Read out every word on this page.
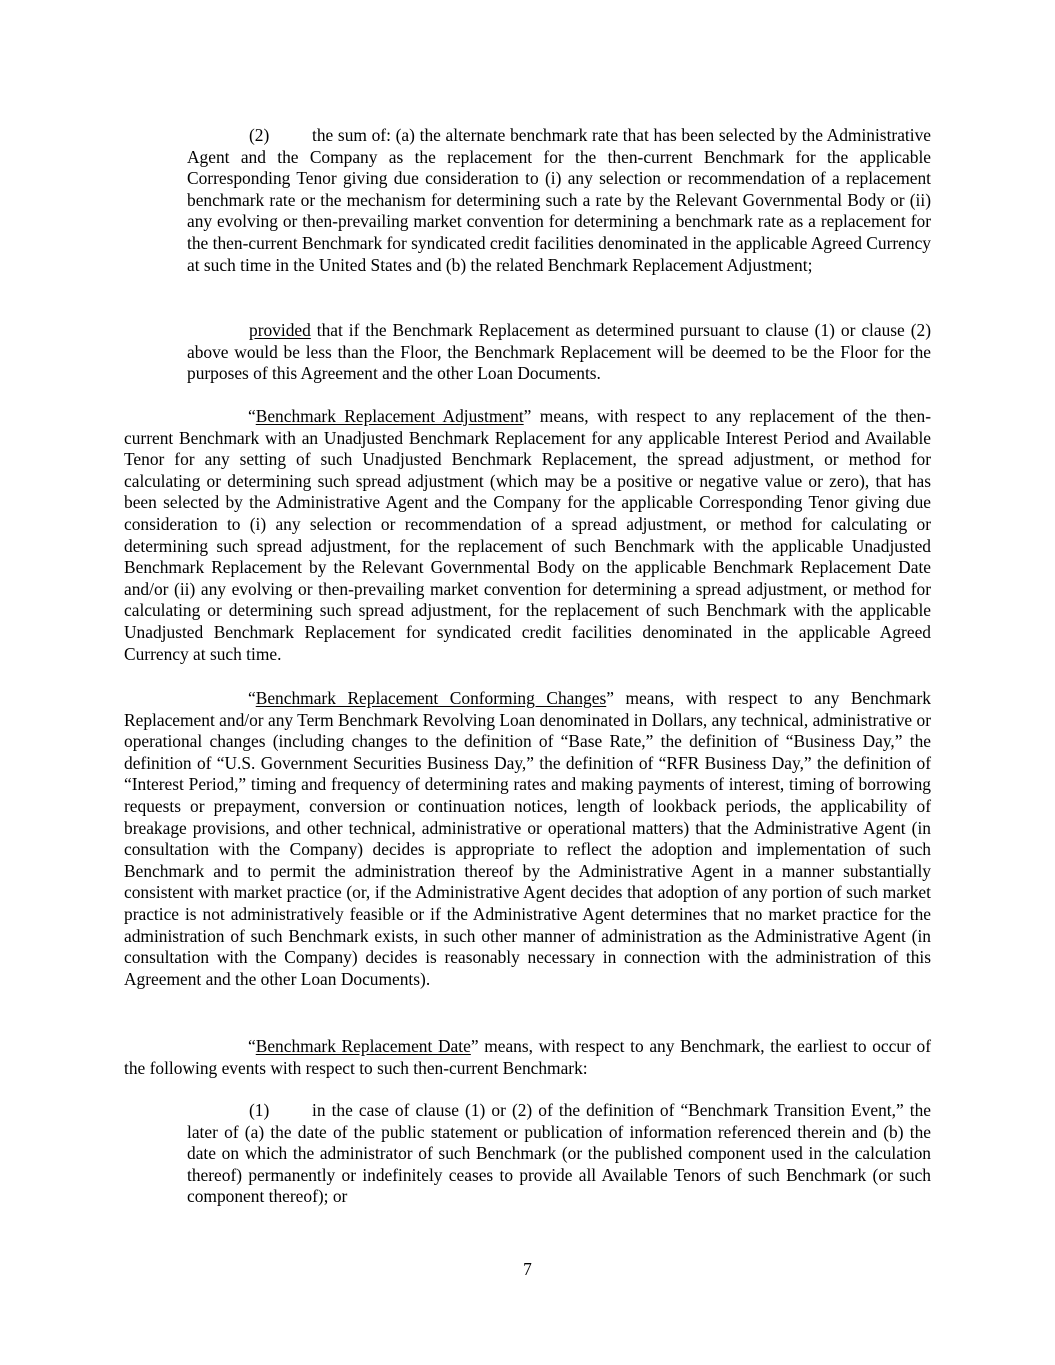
(2) the sum of: (a) the alternate benchmark rate that has been selected by the Administrative Agent and the Company as the replacement for the then-current Benchmark for the applicable Corresponding Tenor giving due consideration to (i) any selection or recommendation of a replacement benchmark rate or the mechanism for determining such a rate by the Relevant Governmental Body or (ii) any evolving or then-prevailing market convention for determining a benchmark rate as a replacement for the then-current Benchmark for syndicated credit facilities denominated in the applicable Agreed Currency at such time in the United States and (b) the related Benchmark Replacement Adjustment;

provided that if the Benchmark Replacement as determined pursuant to clause (1) or clause (2) above would be less than the Floor, the Benchmark Replacement will be deemed to be the Floor for the purposes of this Agreement and the other Loan Documents.

“Benchmark Replacement Adjustment” means, with respect to any replacement of the then-current Benchmark with an Unadjusted Benchmark Replacement for any applicable Interest Period and Available Tenor for any setting of such Unadjusted Benchmark Replacement, the spread adjustment, or method for calculating or determining such spread adjustment (which may be a positive or negative value or zero), that has been selected by the Administrative Agent and the Company for the applicable Corresponding Tenor giving due consideration to (i) any selection or recommendation of a spread adjustment, or method for calculating or determining such spread adjustment, for the replacement of such Benchmark with the applicable Unadjusted Benchmark Replacement by the Relevant Governmental Body on the applicable Benchmark Replacement Date and/or (ii) any evolving or then-prevailing market convention for determining a spread adjustment, or method for calculating or determining such spread adjustment, for the replacement of such Benchmark with the applicable Unadjusted Benchmark Replacement for syndicated credit facilities denominated in the applicable Agreed Currency at such time.

“Benchmark Replacement Conforming Changes” means, with respect to any Benchmark Replacement and/or any Term Benchmark Revolving Loan denominated in Dollars, any technical, administrative or operational changes (including changes to the definition of “Base Rate,” the definition of “Business Day,” the definition of “U.S. Government Securities Business Day,” the definition of “RFR Business Day,” the definition of “Interest Period,” timing and frequency of determining rates and making payments of interest, timing of borrowing requests or prepayment, conversion or continuation notices, length of lookback periods, the applicability of breakage provisions, and other technical, administrative or operational matters) that the Administrative Agent (in consultation with the Company) decides is appropriate to reflect the adoption and implementation of such Benchmark and to permit the administration thereof by the Administrative Agent in a manner substantially consistent with market practice (or, if the Administrative Agent decides that adoption of any portion of such market practice is not administratively feasible or if the Administrative Agent determines that no market practice for the administration of such Benchmark exists, in such other manner of administration as the Administrative Agent (in consultation with the Company) decides is reasonably necessary in connection with the administration of this Agreement and the other Loan Documents).

“Benchmark Replacement Date” means, with respect to any Benchmark, the earliest to occur of the following events with respect to such then-current Benchmark:

(1) in the case of clause (1) or (2) of the definition of “Benchmark Transition Event,” the later of (a) the date of the public statement or publication of information referenced therein and (b) the date on which the administrator of such Benchmark (or the published component used in the calculation thereof) permanently or indefinitely ceases to provide all Available Tenors of such Benchmark (or such component thereof); or

7
